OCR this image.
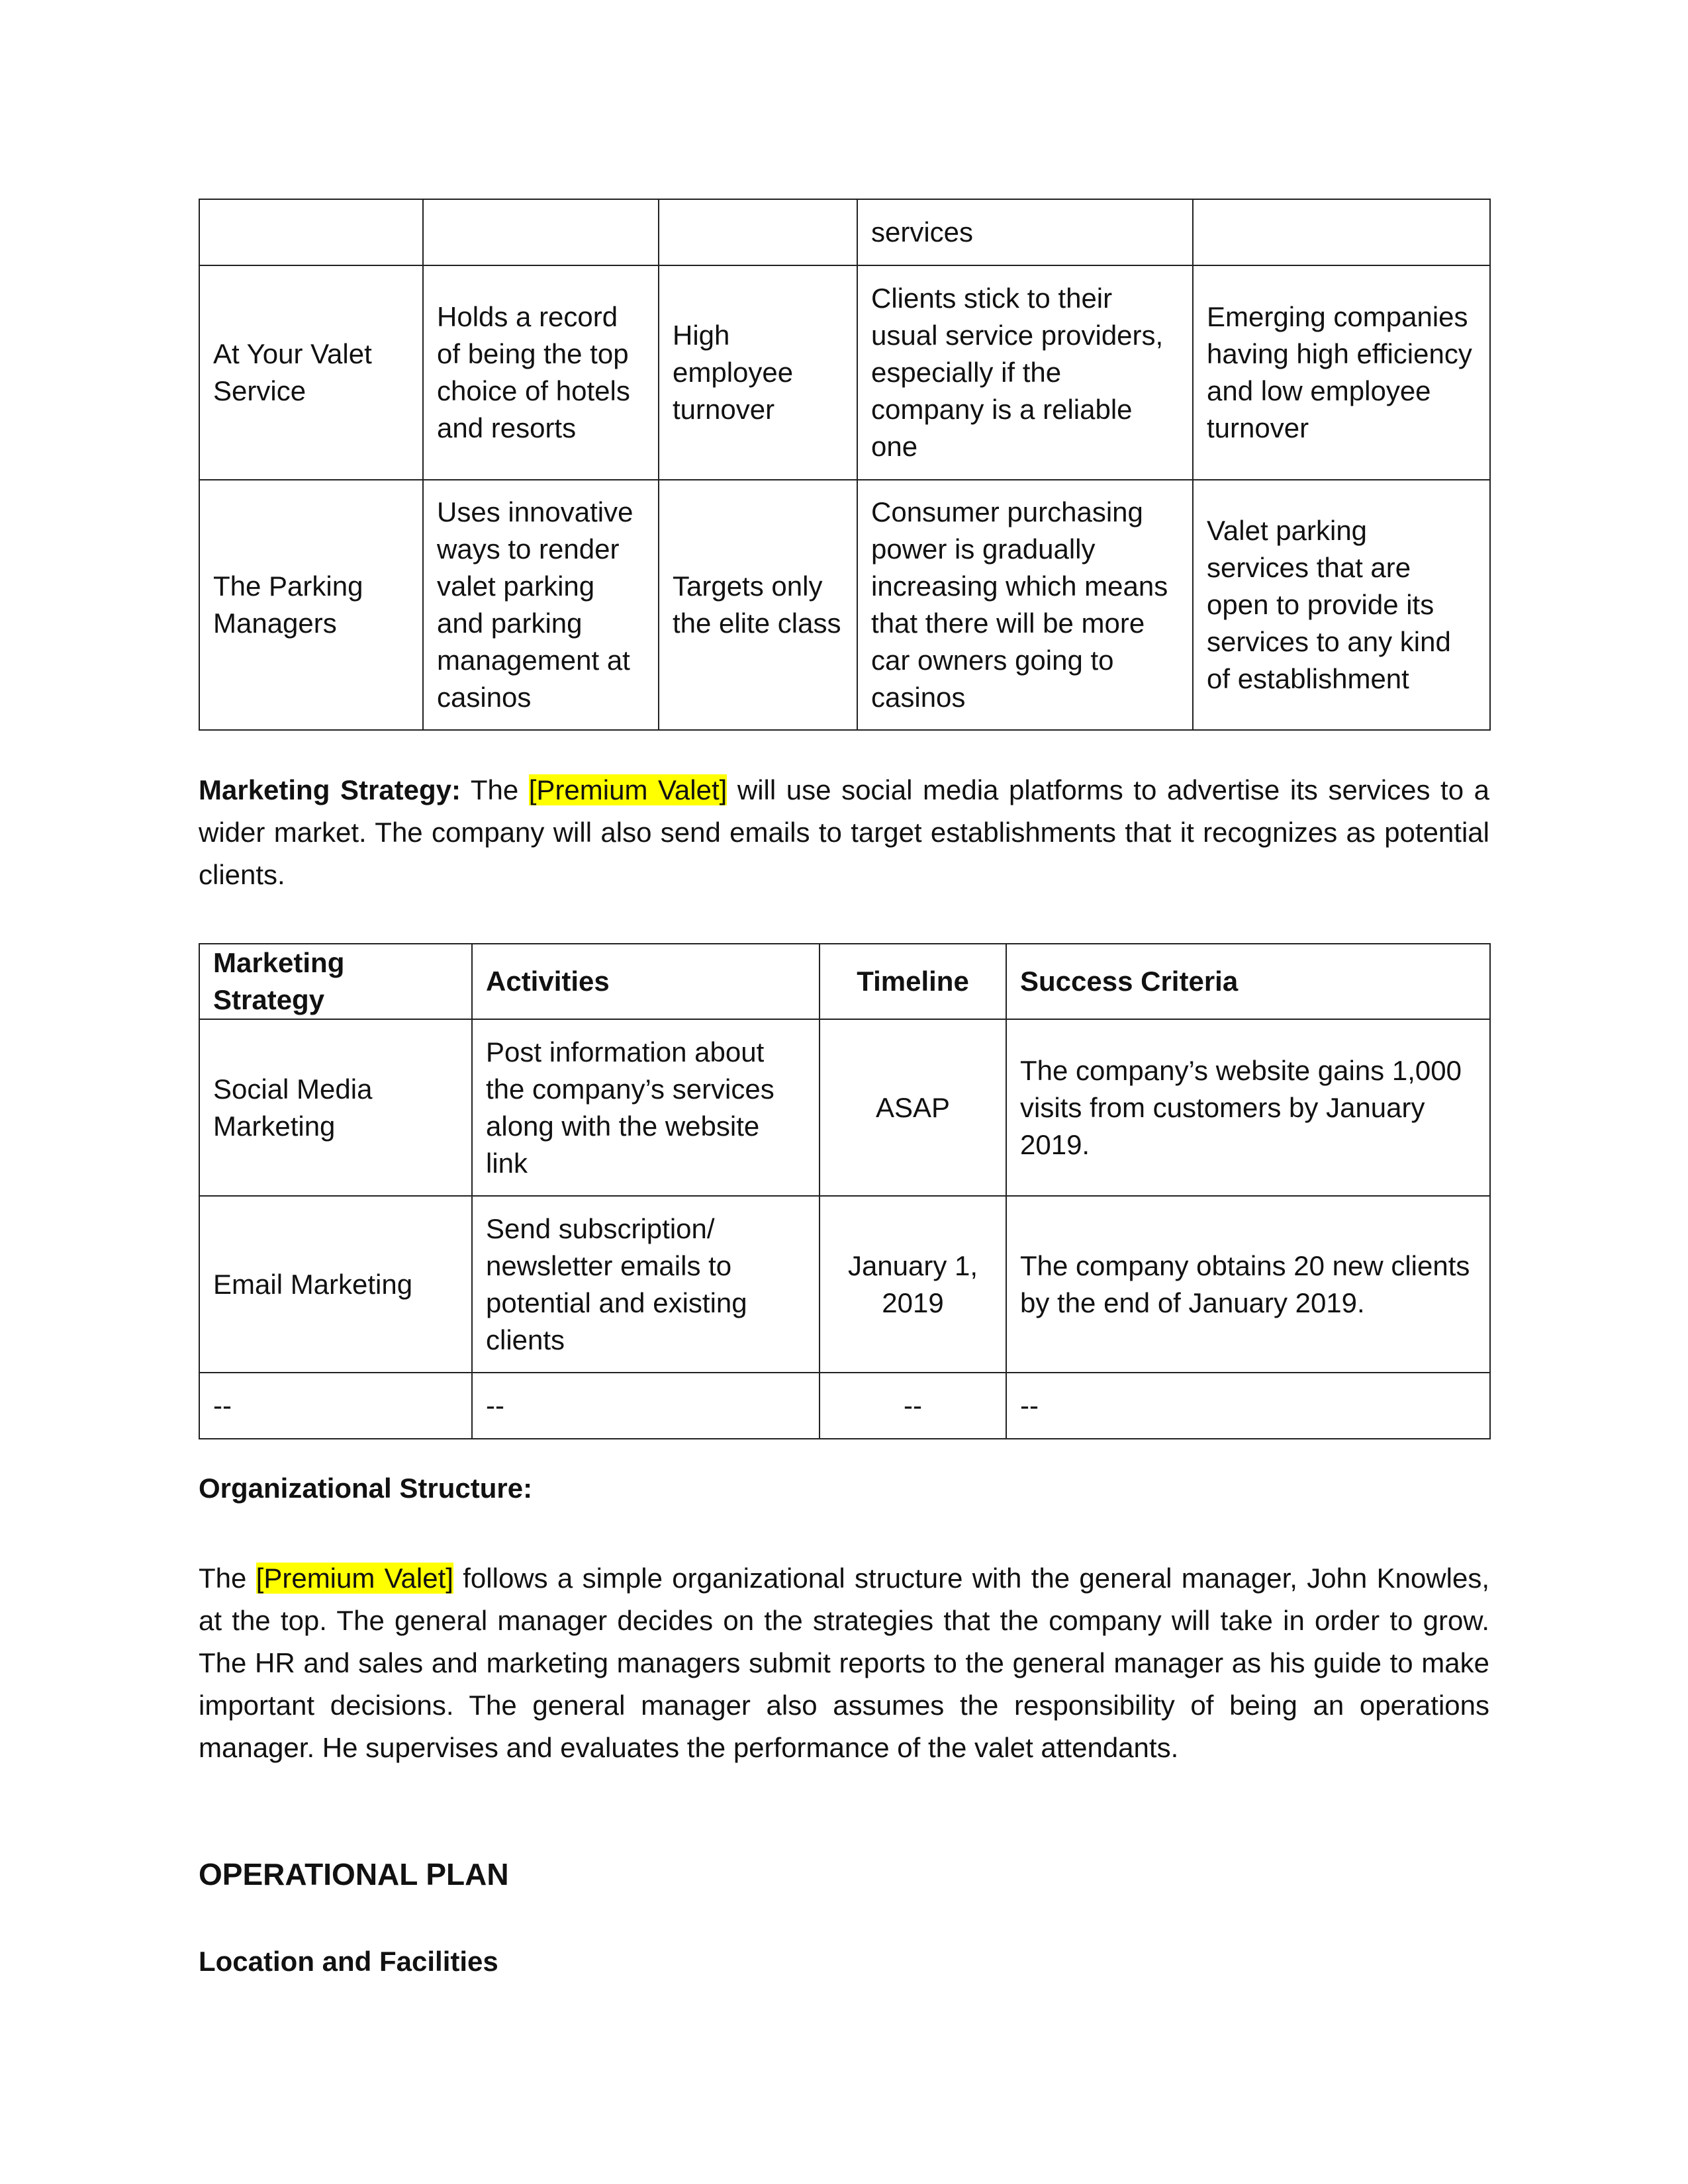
			services	
At Your Valet Service	Holds a record of being the top choice of hotels and resorts	High employee turnover	Clients stick to their usual service providers, especially if the company is a reliable one	Emerging companies having high efficiency and low employee turnover
The Parking Managers	Uses innovative ways to render valet parking and parking management at casinos	Targets only the elite class	Consumer purchasing power is gradually increasing which means that there will be more car owners going to casinos	Valet parking services that are open to provide its services to any kind of establishment

Marketing Strategy: The [Premium Valet] will use social media platforms to advertise its services to a wider market. The company will also send emails to target establishments that it recognizes as potential clients.

Marketing Strategy	Activities	Timeline	Success Criteria
Social Media Marketing	Post information about the company’s services along with the website link	ASAP	The company’s website gains 1,000 visits from customers by January 2019.
Email Marketing	Send subscription/ newsletter emails to potential and existing clients	January 1, 2019	The company obtains 20 new clients by the end of January 2019.
--	--	--	--

Organizational Structure:

The [Premium Valet] follows a simple organizational structure with the general manager, John Knowles, at the top. The general manager decides on the strategies that the company will take in order to grow. The HR and sales and marketing managers submit reports to the general manager as his guide to make important decisions. The general manager also assumes the responsibility of being an operations manager. He supervises and evaluates the performance of the valet attendants.

OPERATIONAL PLAN

Location and Facilities
